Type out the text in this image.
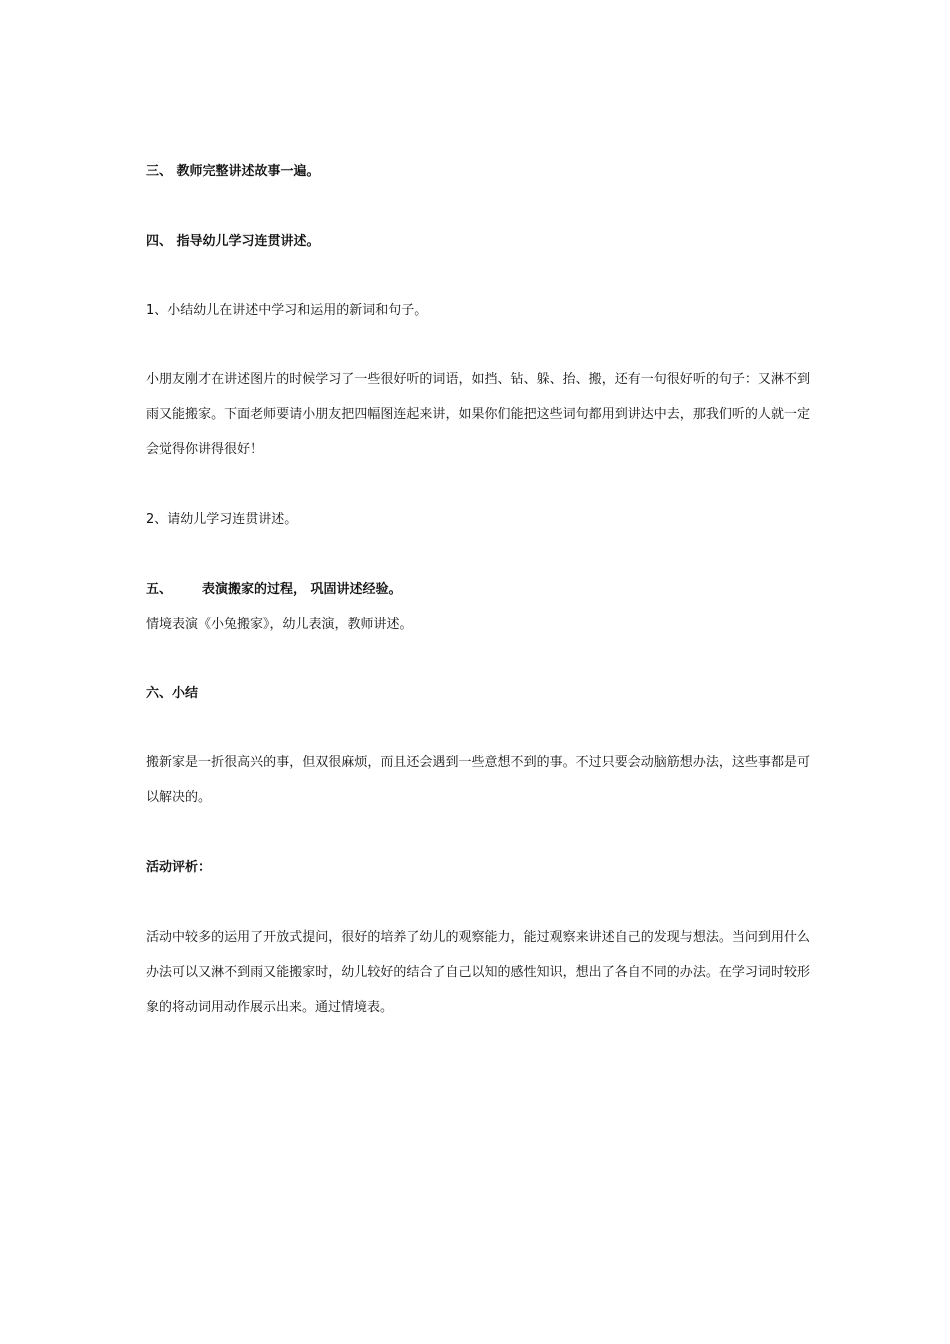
三、 教师完整讲述故事一遍。
四、 指导幼儿学习连贯讲述。
1、小结幼儿在讲述中学习和运用的新词和句子。
小朋友刚才在讲述图片的时候学习了一些很好听的词语，如挡、钻、躲、抬、搬，还有一句很好听的句子：又淋不到雨又能搬家。下面老师要请小朋友把四幅图连起来讲，如果你们能把这些词句都用到讲达中去，那我们听的人就一定会觉得你讲得很好！
2、请幼儿学习连贯讲述。
五、 表演搬家的过程， 巩固讲述经验。
情境表演《小兔搬家》，幼儿表演，教师讲述。
六、小结
搬新家是一折很高兴的事，但双很麻烦，而且还会遇到一些意想不到的事。不过只要会动脑筋想办法，这些事都是可以解决的。
活动评析：
活动中较多的运用了开放式提问，很好的培养了幼儿的观察能力，能过观察来讲述自己的发现与想法。当问到用什么办法可以又淋不到雨又能搬家时，幼儿较好的结合了自己以知的感性知识，想出了各自不同的办法。在学习词时较形象的将动词用动作展示出来。通过情境表。
